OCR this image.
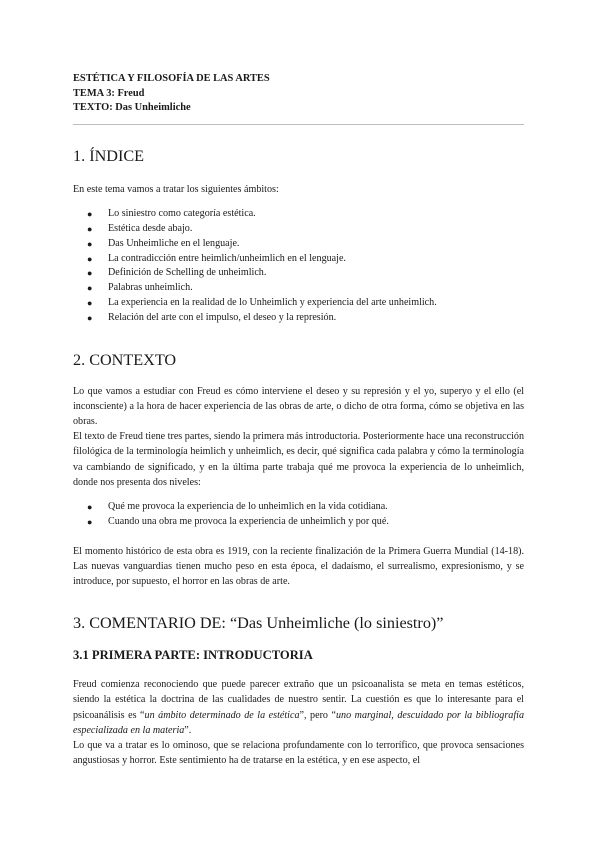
ESTÉTICA Y FILOSOFÍA DE LAS ARTES
TEMA 3: Freud
TEXTO: Das Unheimliche
1. ÍNDICE

En este tema vamos a tratar los siguientes ámbitos:

● Lo siniestro como categoría estética.
● Estética desde abajo.
● Das Unheimliche en el lenguaje.
● La contradicción entre heimlich/unheimlich en el lenguaje.
● Definición de Schelling de unheimlich.
● Palabras unheimlich.
● La experiencia en la realidad de lo Unheimlich y experiencia del arte unheimlich.
● Relación del arte con el impulso, el deseo y la represión.
2. CONTEXTO

Lo que vamos a estudiar con Freud es cómo interviene el deseo y su represión y el yo, superyo y el ello (el inconsciente) a la hora de hacer experiencia de las obras de arte, o dicho de otra forma, cómo se objetiva en las obras.

El texto de Freud tiene tres partes, siendo la primera más introductoria. Posteriormente hace una reconstrucción filológica de la terminología heimlich y unheimlich, es decir, qué significa cada palabra y cómo la terminología va cambiando de significado, y en la última parte trabaja qué me provoca la experiencia de lo unheimlich, donde nos presenta dos niveles:

● Qué me provoca la experiencia de lo unheimlich en la vida cotidiana.
● Cuando una obra me provoca la experiencia de unheimlich y por qué.

El momento histórico de esta obra es 1919, con la reciente finalización de la Primera Guerra Mundial (14-18). Las nuevas vanguardias tienen mucho peso en esta época, el dadaísmo, el surrealismo, expresionismo, y se introduce, por supuesto, el horror en las obras de arte.

3. COMENTARIO DE: “Das Unheimliche (lo siniestro)”
3.1 PRIMERA PARTE: INTRODUCTORIA

Freud comienza reconociendo que puede parecer extraño que un psicoanalista se meta en temas estéticos, siendo la estética la doctrina de las cualidades de nuestro sentir. La cuestión es que lo interesante para el psicoanálisis es “un ámbito determinado de la estética”, pero “uno marginal, descuidado por la bibliografía especializada en la materia”.

Lo que va a tratar es lo ominoso, que se relaciona profundamente con lo terrorífico, que provoca sensaciones angustiosas y horror. Este sentimiento ha de tratarse en la estética, y en ese aspecto, el
